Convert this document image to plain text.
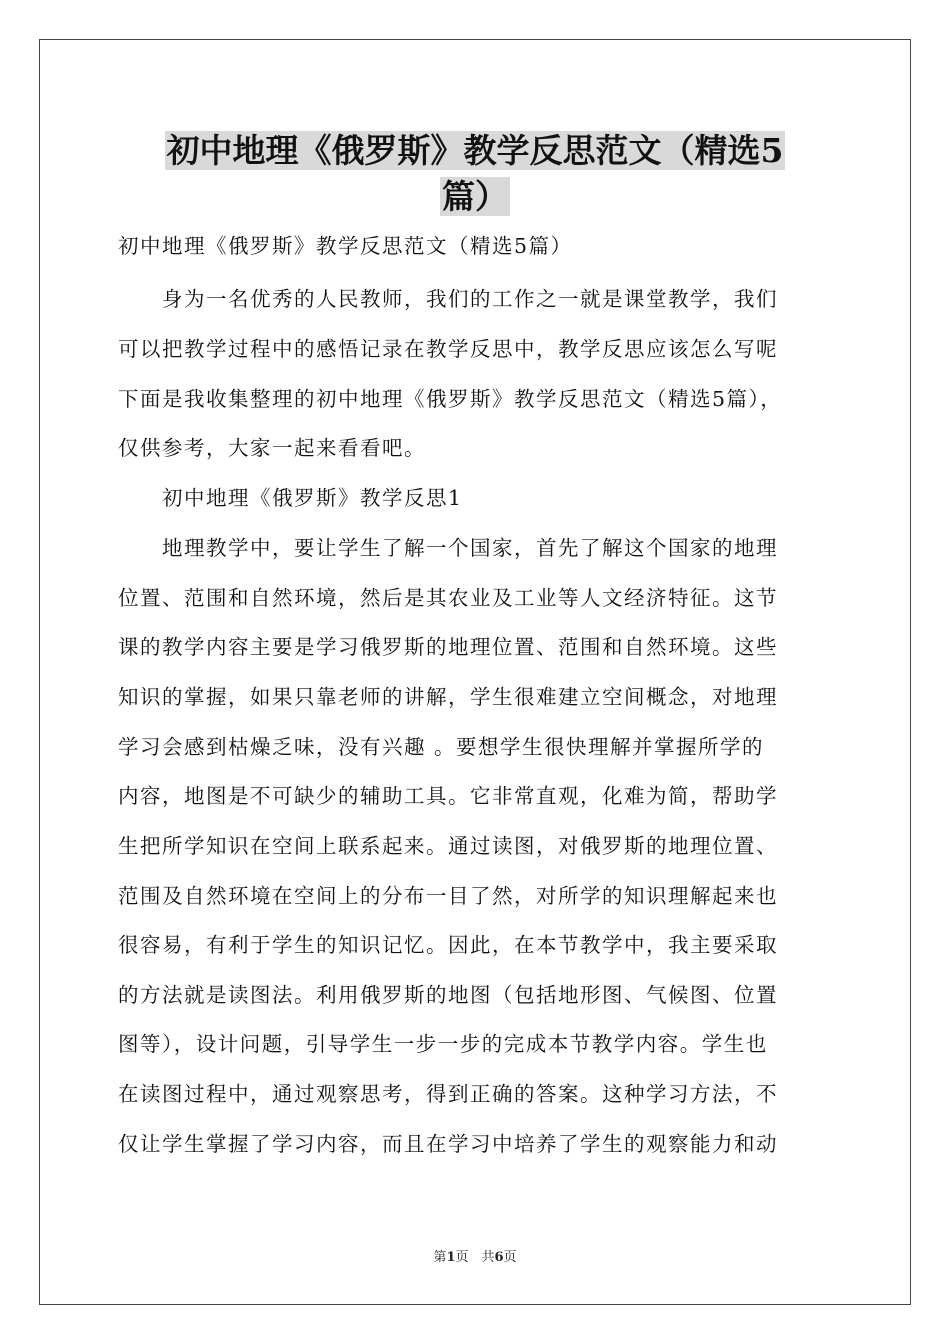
初中地理《俄罗斯》教学反思范文（精选5
篇）
初中地理《俄罗斯》教学反思范文（精选5篇）
　　身为一名优秀的人民教师，我们的工作之一就是课堂教学，我们
可以把教学过程中的感悟记录在教学反思中，教学反思应该怎么写呢
下面是我收集整理的初中地理《俄罗斯》教学反思范文（精选5篇），
仅供参考，大家一起来看看吧。
　　初中地理《俄罗斯》教学反思1
　　地理教学中，要让学生了解一个国家，首先了解这个国家的地理
位置、范围和自然环境，然后是其农业及工业等人文经济特征。这节
课的教学内容主要是学习俄罗斯的地理位置、范围和自然环境。这些
知识的掌握，如果只靠老师的讲解，学生很难建立空间概念，对地理
学习会感到枯燥乏味，没有兴趣 。要想学生很快理解并掌握所学的
内容，地图是不可缺少的辅助工具。它非常直观，化难为简，帮助学
生把所学知识在空间上联系起来。通过读图，对俄罗斯的地理位置、
范围及自然环境在空间上的分布一目了然，对所学的知识理解起来也
很容易，有利于学生的知识记忆。因此，在本节教学中，我主要采取
的方法就是读图法。利用俄罗斯的地图（包括地形图、气候图、位置
图等），设计问题，引导学生一步一步的完成本节教学内容。学生也
在读图过程中，通过观察思考，得到正确的答案。这种学习方法，不
仅让学生掌握了学习内容，而且在学习中培养了学生的观察能力和动
第1页　共6页
